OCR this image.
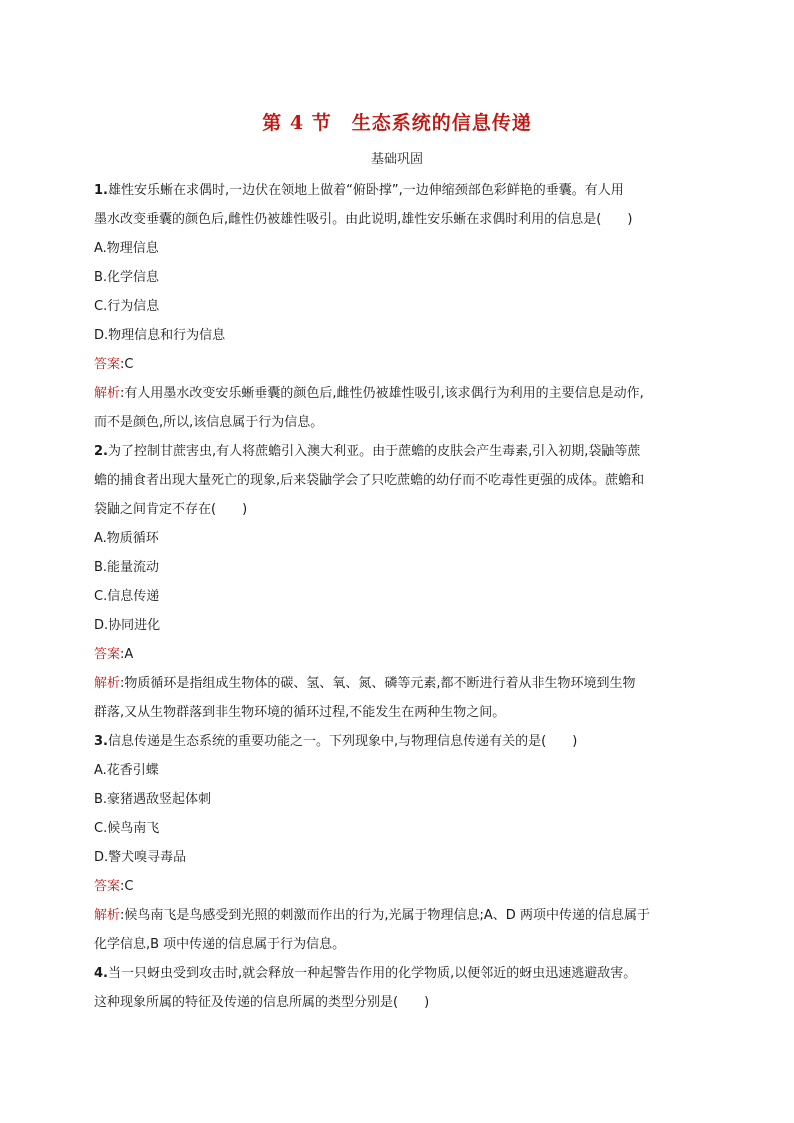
第 4 节　生态系统的信息传递
基础巩固
1.雄性安乐蜥在求偶时,一边伏在领地上做着“俯卧撑”,一边伸缩颈部色彩鲜艳的垂囊。有人用
墨水改变垂囊的颜色后,雌性仍被雄性吸引。由此说明,雄性安乐蜥在求偶时利用的信息是(　　)
A.物理信息
B.化学信息
C.行为信息
D.物理信息和行为信息
答案:C
解析:有人用墨水改变安乐蜥垂囊的颜色后,雌性仍被雄性吸引,该求偶行为利用的主要信息是动作,
而不是颜色,所以,该信息属于行为信息。
2.为了控制甘蔗害虫,有人将蔗蟾引入澳大利亚。由于蔗蟾的皮肤会产生毒素,引入初期,袋鼬等蔗
蟾的捕食者出现大量死亡的现象,后来袋鼬学会了只吃蔗蟾的幼仔而不吃毒性更强的成体。蔗蟾和
袋鼬之间肯定不存在(　　)
A.物质循环
B.能量流动
C.信息传递
D.协同进化
答案:A
解析:物质循环是指组成生物体的碳、氢、氧、氮、磷等元素,都不断进行着从非生物环境到生物
群落,又从生物群落到非生物环境的循环过程,不能发生在两种生物之间。
3.信息传递是生态系统的重要功能之一。下列现象中,与物理信息传递有关的是(　　)
A.花香引蝶
B.豪猪遇敌竖起体刺
C.候鸟南飞
D.警犬嗅寻毒品
答案:C
解析:候鸟南飞是鸟感受到光照的刺激而作出的行为,光属于物理信息;A、D 两项中传递的信息属于
化学信息,B 项中传递的信息属于行为信息。
4.当一只蚜虫受到攻击时,就会释放一种起警告作用的化学物质,以便邻近的蚜虫迅速逃避敌害。
这种现象所属的特征及传递的信息所属的类型分别是(　　)
